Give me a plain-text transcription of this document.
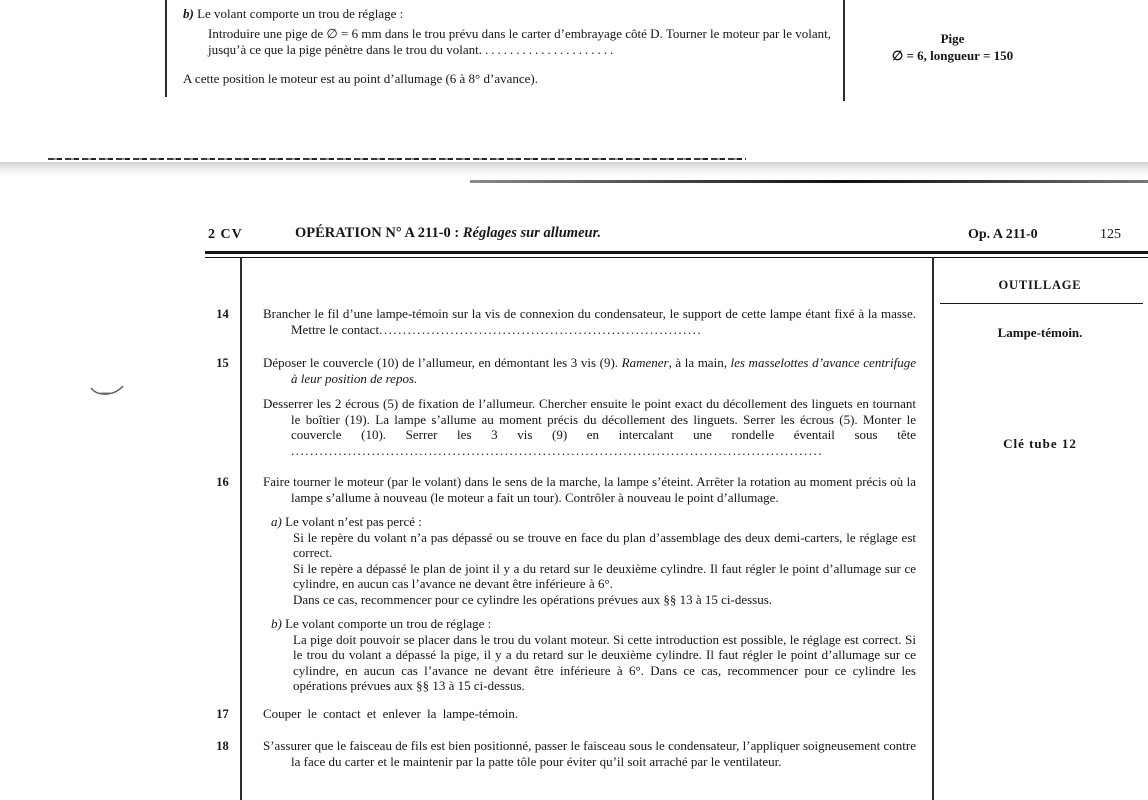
b) Le volant comporte un trou de réglage :

Introduire une pige de ∅ = 6 mm dans le trou prévu dans le carter d’embrayage côté D. Tourner le moteur par le volant, jusqu’à ce que la pige pénètre dans le trou du volant......................

A cette position le moteur est au point d’allumage (6 à 8° d’avance).

Pige
∅ = 6, longueur = 150
2 CV	OPÉRATION N° A 211-0 : Réglages sur allumeur.	Op. A 211-0	125
OUTILLAGE
Lampe-témoin.
Clé tube 12
14	Brancher le fil d’une lampe-témoin sur la vis de connexion du condensateur, le support de cette lampe étant fixé à la masse. Mettre le contact....................................................................

15	Déposer le couvercle (10) de l’allumeur, en démontant les 3 vis (9). Ramener, à la main, les masselottes d’avance centrifuge à leur position de repos.

Desserrer les 2 écrous (5) de fixation de l’allumeur. Chercher ensuite le point exact du décollement des linguets en tournant le boîtier (19). La lampe s’allume au moment précis du décollement des linguets. Serrer les écrous (5). Monter le couvercle (10). Serrer les 3 vis (9) en intercalant une rondelle éventail sous tête ................................................................................................................

16	Faire tourner le moteur (par le volant) dans le sens de la marche, la lampe s’éteint. Arrêter la rotation au moment précis où la lampe s’allume à nouveau (le moteur a fait un tour). Contrôler à nouveau le point d’allumage.

a) Le volant n’est pas percé :

Si le repère du volant n’a pas dépassé ou se trouve en face du plan d’assemblage des deux demi-carters, le réglage est correct.

Si le repère a dépassé le plan de joint il y a du retard sur le deuxième cylindre. Il faut régler le point d’allumage sur ce cylindre, en aucun cas l’avance ne devant être inférieure à 6°.

Dans ce cas, recommencer pour ce cylindre les opérations prévues aux §§ 13 à 15 ci-dessus.

b) Le volant comporte un trou de réglage :

La pige doit pouvoir se placer dans le trou du volant moteur. Si cette introduction est possible, le réglage est correct. Si le trou du volant a dépassé la pige, il y a du retard sur le deuxième cylindre. Il faut régler le point d’allumage sur ce cylindre, en aucun cas l’avance ne devant être inférieure à 6°. Dans ce cas, recommencer pour ce cylindre les opérations prévues aux §§ 13 à 15 ci-dessus.

17	Couper le contact et enlever la lampe-témoin.

18	S’assurer que le faisceau de fils est bien positionné, passer le faisceau sous le condensateur, l’appliquer soigneusement contre la face du carter et le maintenir par la patte tôle pour éviter qu’il soit arraché par le ventilateur.
